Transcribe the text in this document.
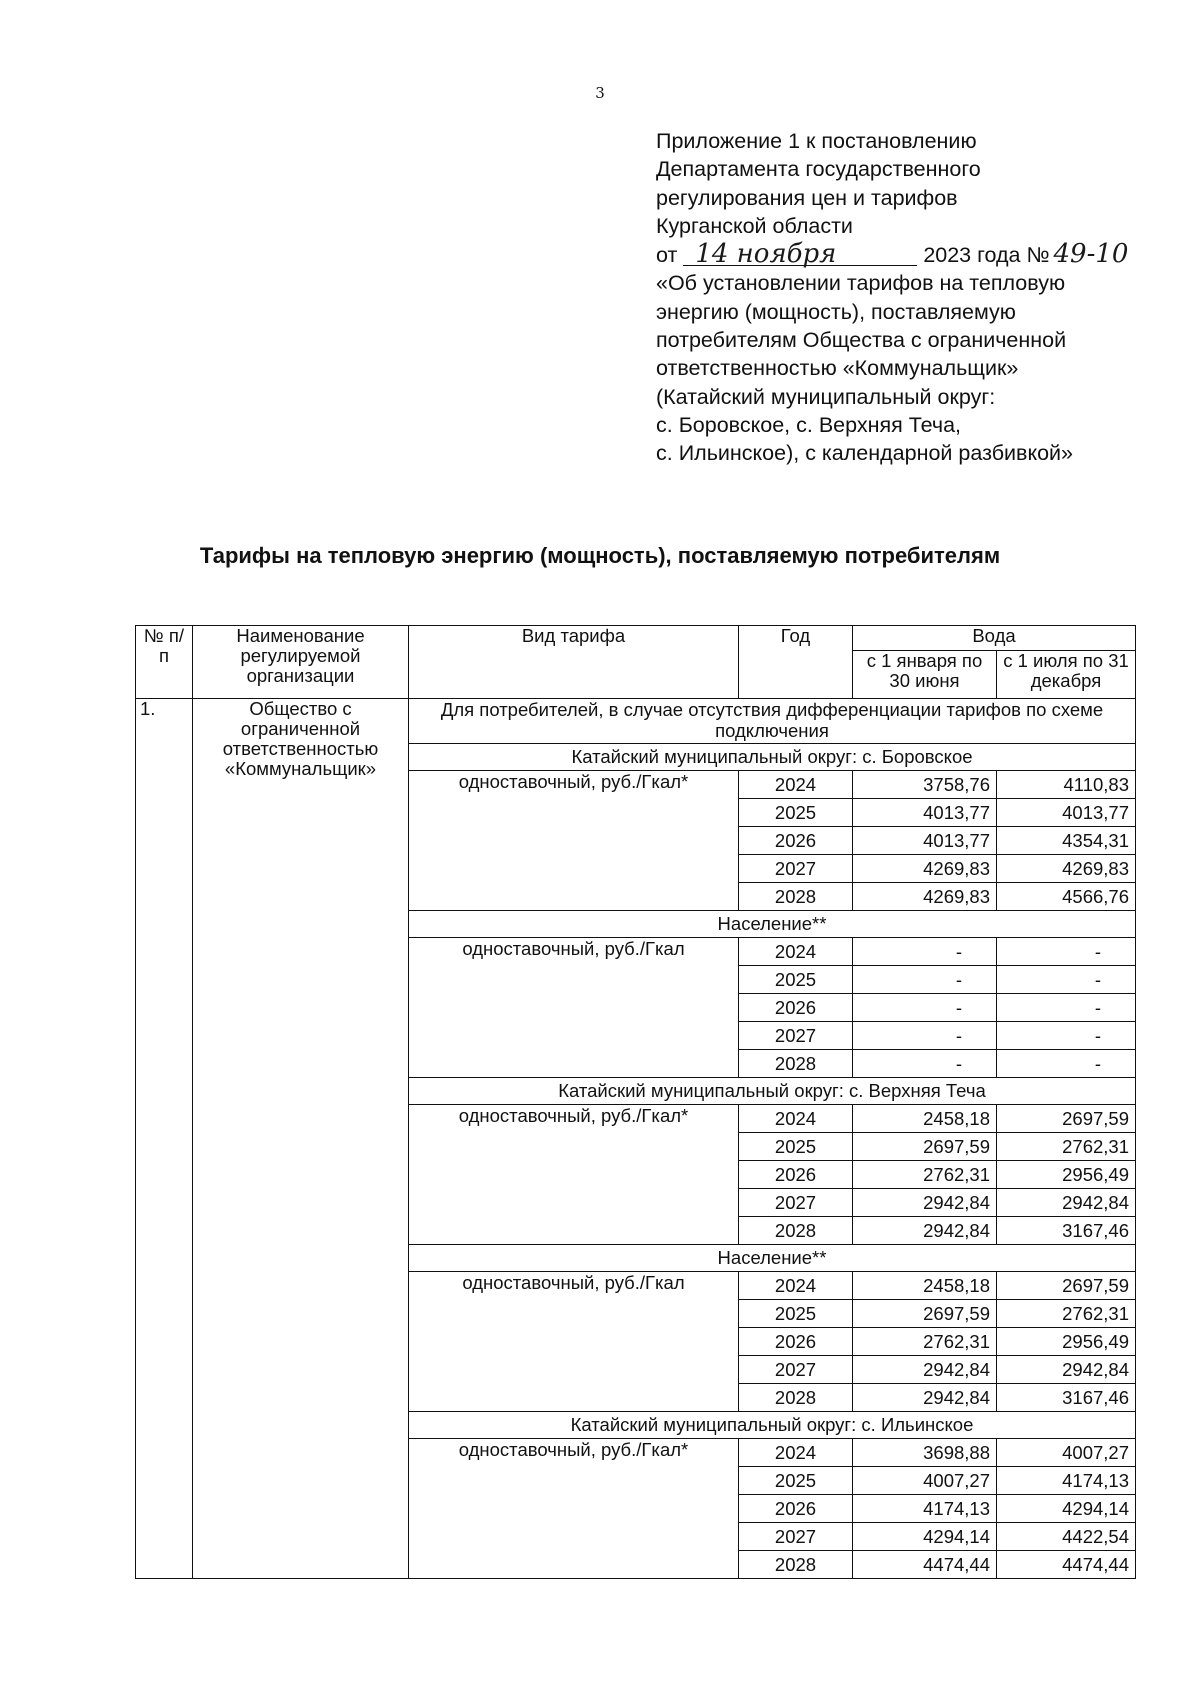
3
Приложение 1 к постановлению
Департамента государственного
регулирования цен и тарифов
Курганской области
от 14 ноября	2023 года № 49-10
«Об установлении тарифов на тепловую
энергию (мощность), поставляемую
потребителям Общества с ограниченной
ответственностью «Коммунальщик»
(Катайский муниципальный округ:
с. Боровское, с. Верхняя Теча,
с. Ильинское), с календарной разбивкой»
Тарифы на тепловую энергию (мощность), поставляемую потребителям
№ п/п	Наименование регулируемой организации	Вид тарифа	Год	Вода	
				с 1 января по 30 июня	с 1 июля по 31 декабря
1.	Общество с ограниченной ответственностью «Коммунальщик»	Для потребителей, в случае отсутствия дифференциации тарифов по схеме подключения			
		Катайский муниципальный округ: с. Боровское			
		одноставочный, руб./Гкал*	2024	3758,76	4110,83
			2025	4013,77	4013,77
			2026	4013,77	4354,31
			2027	4269,83	4269,83
			2028	4269,83	4566,76
		Население**			
		одноставочный, руб./Гкал	2024	-	-
			2025	-	-
			2026	-	-
			2027	-	-
			2028	-	-
		Катайский муниципальный округ: с. Верхняя Теча			
		одноставочный, руб./Гкал*	2024	2458,18	2697,59
			2025	2697,59	2762,31
			2026	2762,31	2956,49
			2027	2942,84	2942,84
			2028	2942,84	3167,46
		Население**			
		одноставочный, руб./Гкал	2024	2458,18	2697,59
			2025	2697,59	2762,31
			2026	2762,31	2956,49
			2027	2942,84	2942,84
			2028	2942,84	3167,46
		Катайский муниципальный округ: с. Ильинское			
		одноставочный, руб./Гкал*	2024	3698,88	4007,27
			2025	4007,27	4174,13
			2026	4174,13	4294,14
			2027	4294,14	4422,54
			2028	4474,44	4474,44
